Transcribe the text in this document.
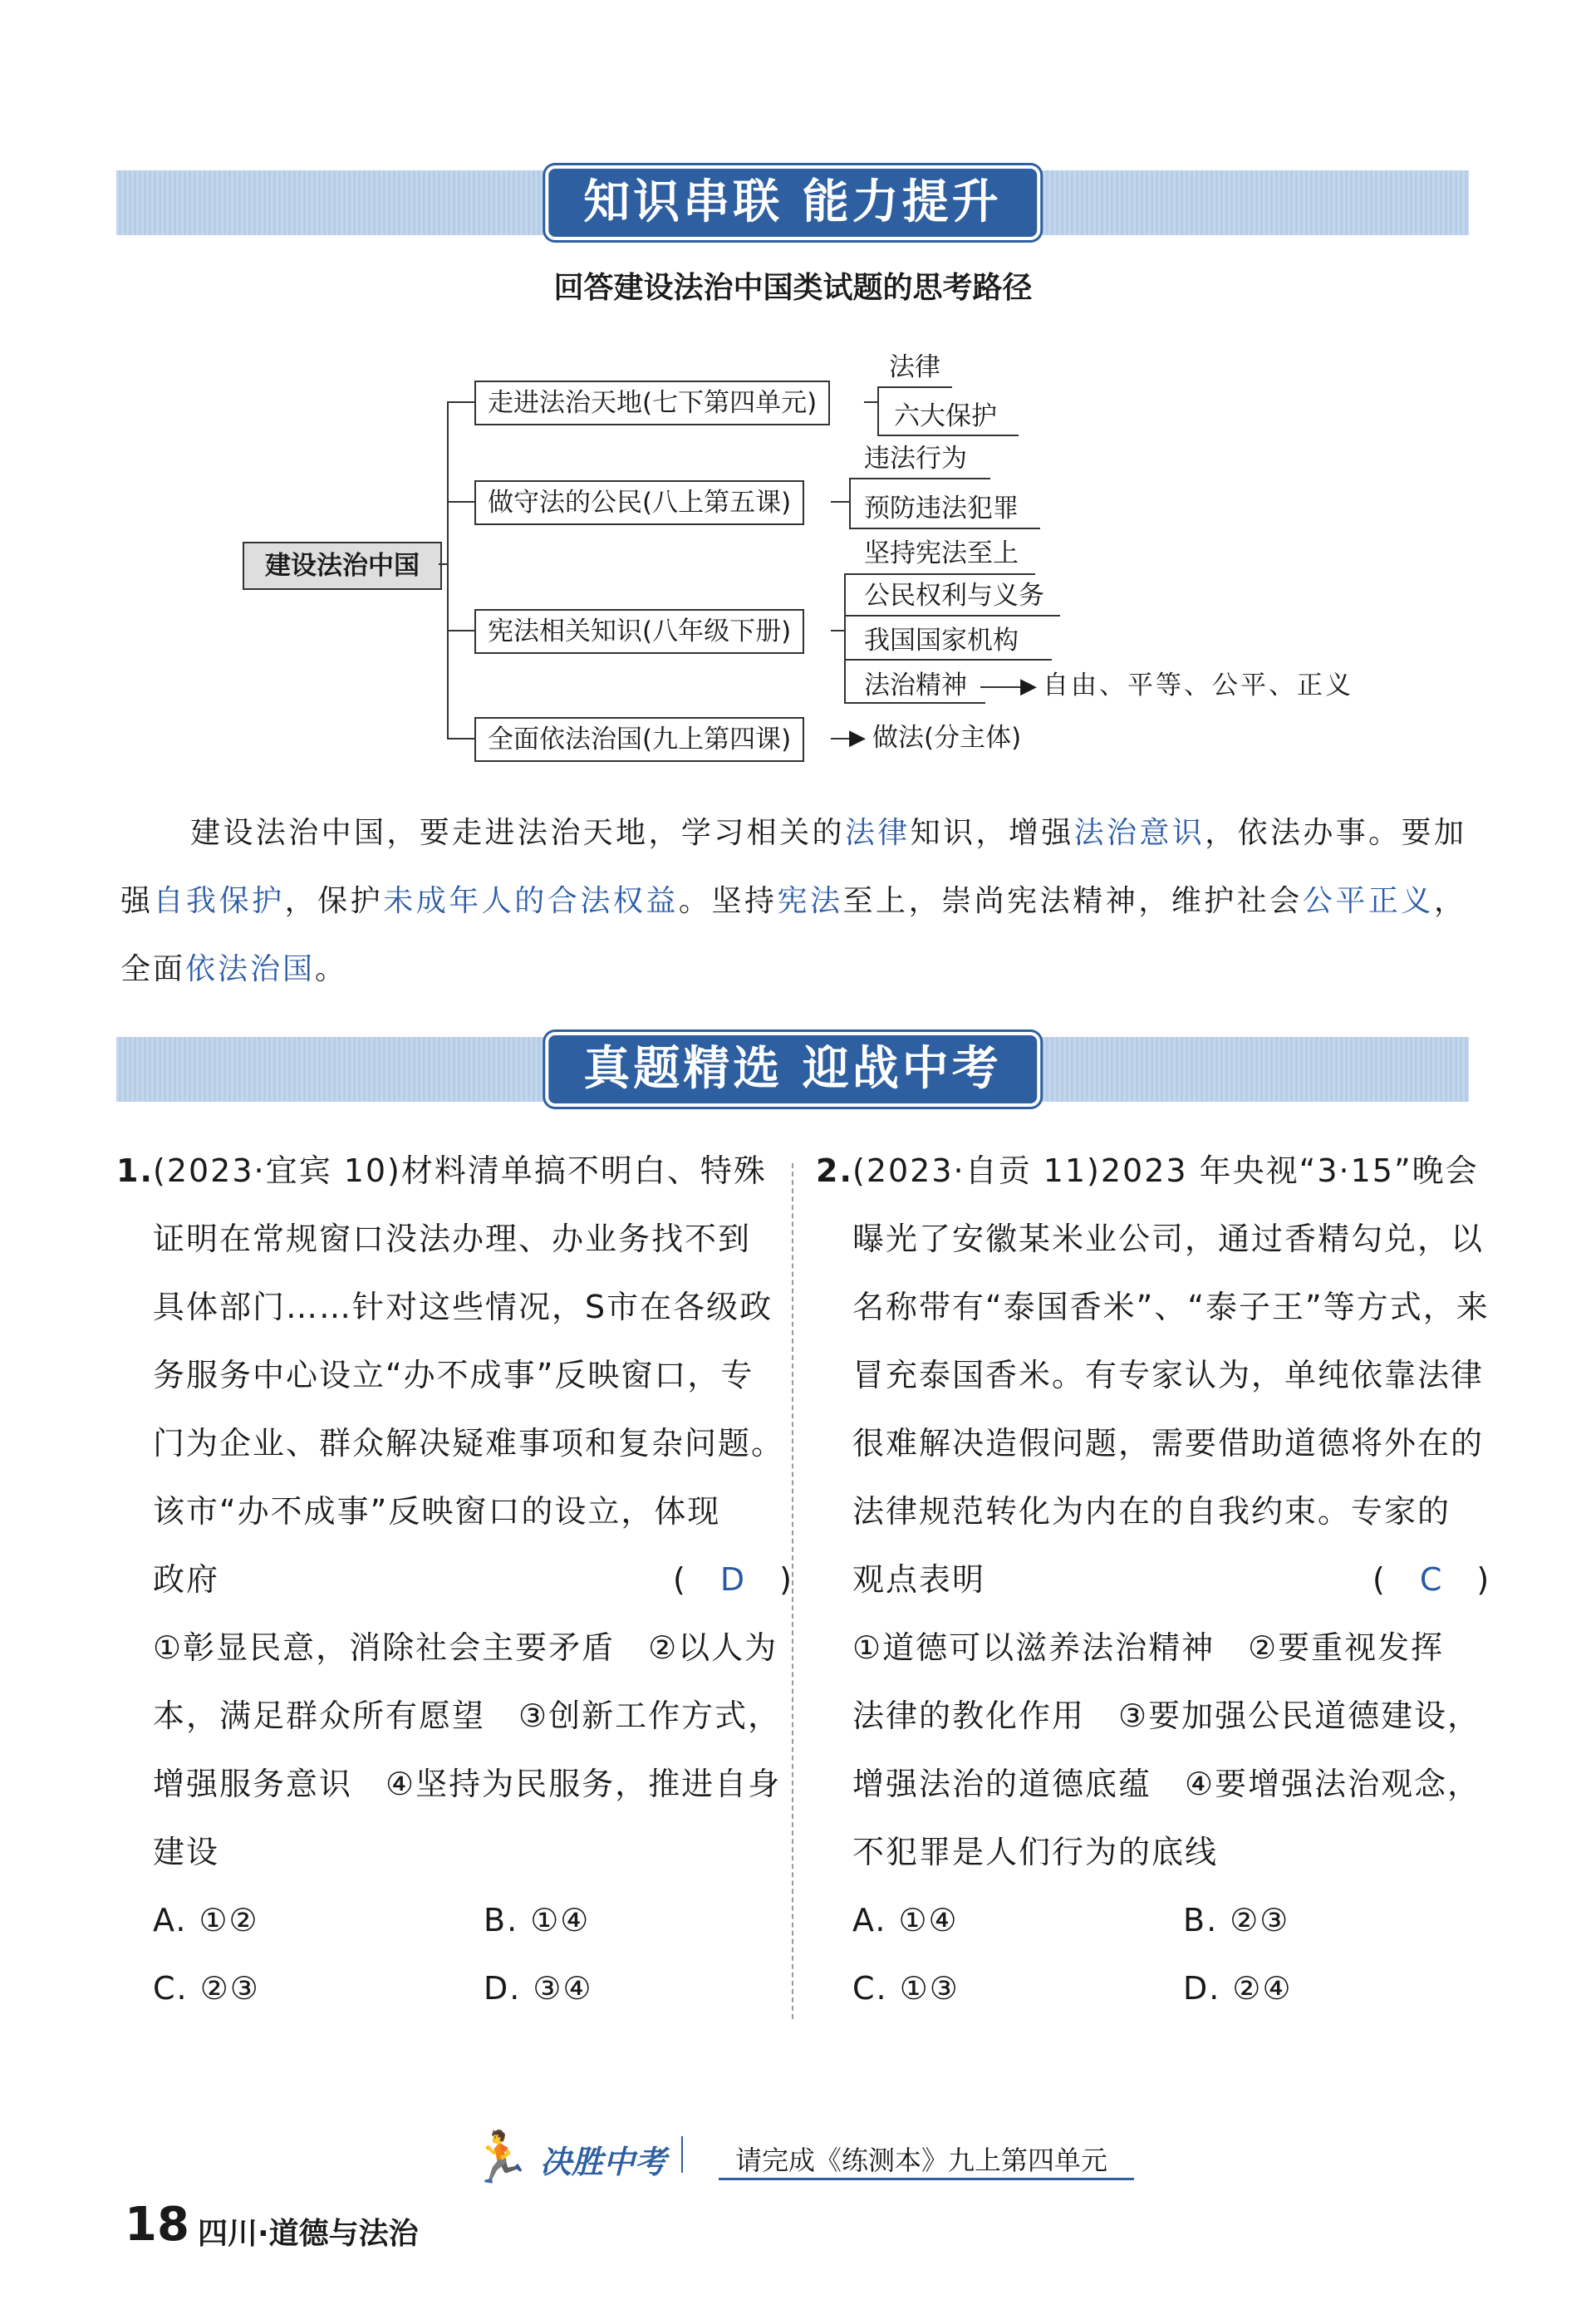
知识串联 能力提升
回答建设法治中国类试题的思考路径
建设法治中国
走进法治天地(七下第四单元)
做守法的公民(八上第五课)
宪法相关知识(八年级下册)
全面依法治国(九上第四课)
法律
六大保护
违法行为
预防违法犯罪
坚持宪法至上
公民权利与义务
我国国家机构
法治精神 ▶ 自由、平等、公平、正义
▶ 做法(分主体)
建设法治中国，要走进法治天地，学习相关的法律知识，增强法治意识，依法办事。要加强自我保护，保护未成年人的合法权益。坚持宪法至上，崇尚宪法精神，维护社会公平正义，全面依法治国。
真题精选 迎战中考
1. (2023·宜宾 10)材料清单搞不明白、特殊
证明在常规窗口没法办理、办业务找不到
具体部门……针对这些情况，S市在各级政
务服务中心设立“办不成事”反映窗口，专
门为企业、群众解决疑难事项和复杂问题。
该市“办不成事”反映窗口的设立，体现
政府	(　D　)
①彰显民意，消除社会主要矛盾　②以人为
本，满足群众所有愿望　③创新工作方式，
增强服务意识　④坚持为民服务，推进自身
建设
A. ①②	B. ①④
C. ②③	D. ③④
2. (2023·自贡 11)2023 年央视“3·15”晚会
曝光了安徽某米业公司，通过香精勾兑，以
名称带有“泰国香米”、“泰子王”等方式，来
冒充泰国香米。有专家认为，单纯依靠法律
很难解决造假问题，需要借助道德将外在的
法律规范转化为内在的自我约束。专家的
观点表明	(　C　)
①道德可以滋养法治精神　②要重视发挥
法律的教化作用　③要加强公民道德建设，
增强法治的道德底蕴　④要增强法治观念，
不犯罪是人们行为的底线
A. ①④	B. ②③
C. ①③	D. ②④
🏃 决胜中考	请完成《练测本》九上第四单元
18 四川·道德与法治
